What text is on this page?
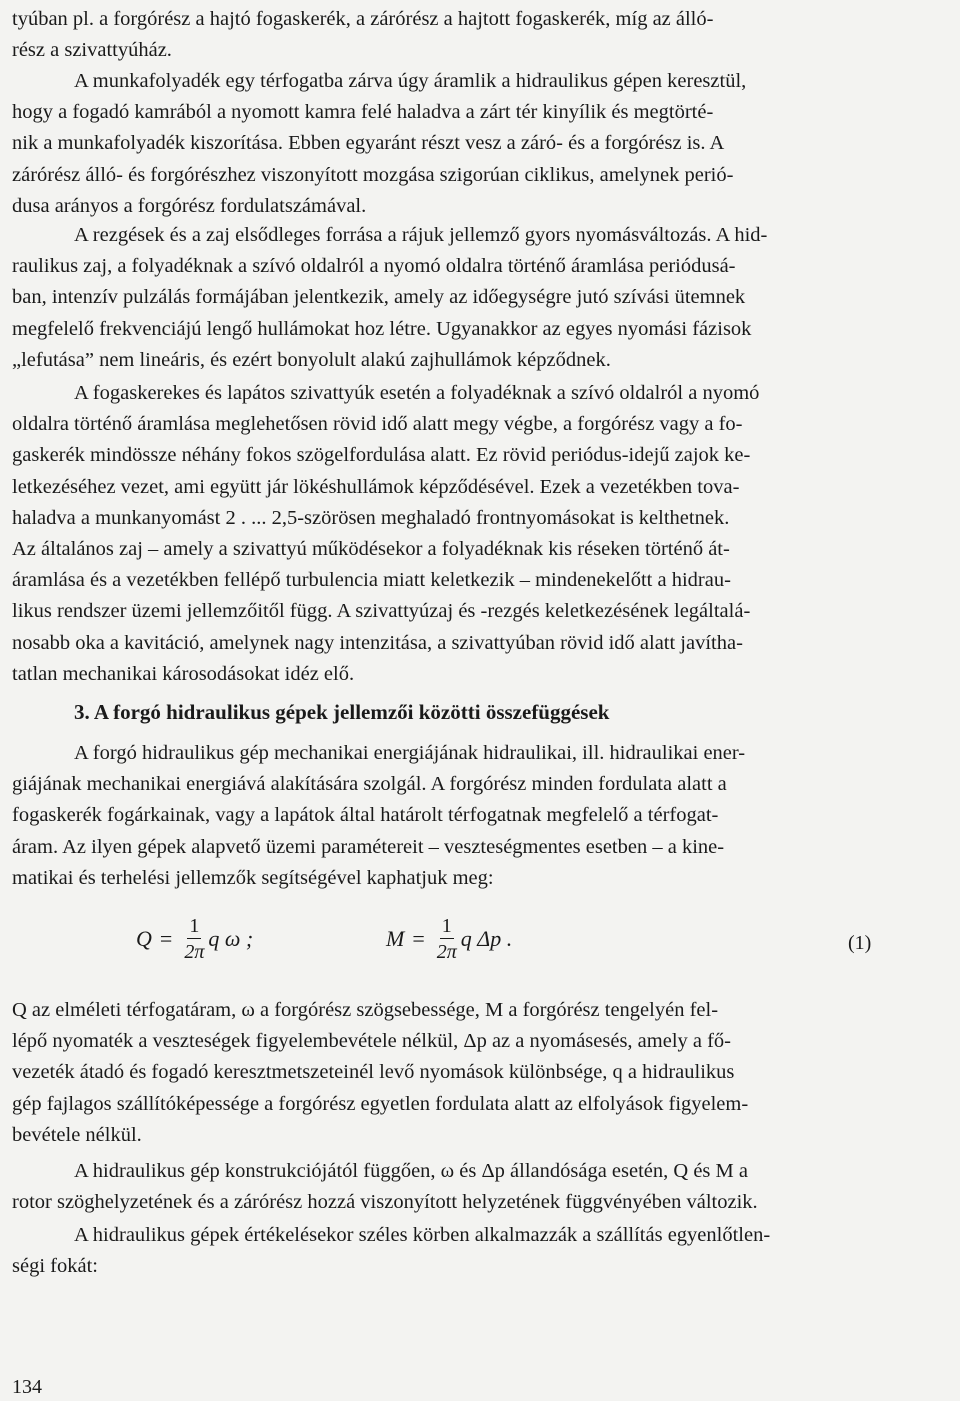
tyúban pl. a forgórész a hajtó fogaskerék, a zárórész a hajtott fogaskerék, míg az álló-
rész a szivattyúház.
A munkafolyadék egy térfogatba zárva úgy áramlik a hidraulikus gépen keresztül,
hogy a fogadó kamrából a nyomott kamra felé haladva a zárt tér kinyílik és megtörté-
nik a munkafolyadék kiszorítása. Ebben egyaránt részt vesz a záró- és a forgórész is. A
zárórész álló- és forgórészhez viszonyított mozgása szigorúan ciklikus, amelynek perió-
dusa arányos a forgórész fordulatszámával.
A rezgések és a zaj elsődleges forrása a rájuk jellemző gyors nyomásváltozás. A hid-
raulikus zaj, a folyadéknak a szívó oldalról a nyomó oldalra történő áramlása periódusá-
ban, intenzív pulzálás formájában jelentkezik, amely az időegységre jutó szívási ütemnek
megfelelő frekvenciájú lengő hullámokat hoz létre. Ugyanakkor az egyes nyomási fázisok
„lefutása” nem lineáris, és ezért bonyolult alakú zajhullámok képződnek.
A fogaskerekes és lapátos szivattyúk esetén a folyadéknak a szívó oldalról a nyomó
oldalra történő áramlása meglehetősen rövid idő alatt megy végbe, a forgórész vagy a fo-
gaskerék mindössze néhány fokos szögelfordulása alatt. Ez rövid periódus-idejű zajok ke-
letkezéséhez vezet, ami együtt jár lökéshullámok képződésével. Ezek a vezetékben tova-
haladva a munkanyomást 2 . ... 2,5-szörösen meghaladó frontnyomásokat is kelthetnek.
Az általános zaj – amely a szivattyú működésekor a folyadéknak kis réseken történő át-
áramlása és a vezetékben fellépő turbulencia miatt keletkezik – mindenekelőtt a hidrau-
likus rendszer üzemi jellemzőitől függ. A szivattyúzaj és -rezgés keletkezésének legáltalá-
nosabb oka a kavitáció, amelynek nagy intenzitása, a szivattyúban rövid idő alatt javítha-
tatlan mechanikai károsodásokat idéz elő.
3. A forgó hidraulikus gépek jellemzői közötti összefüggések
A forgó hidraulikus gép mechanikai energiájának hidraulikai, ill. hidraulikai ener-
giájának mechanikai energiává alakítására szolgál. A forgórész minden fordulata alatt a
fogaskerék fogárkainak, vagy a lapátok által határolt térfogatnak megfelelő a térfogat-
áram. Az ilyen gépek alapvető üzemi paramétereit – veszteségmentes esetben – a kine-
matikai és terhelési jellemzők segítségével kaphatjuk meg:
$Q = \frac{1}{2\pi}$ q ω ;	$M = \frac{1}{2\pi}$ q Δp .	(1)
Q az elméleti térfogatáram, ω a forgórész szögsebessége, M a forgórész tengelyén fel-
lépő nyomaték a veszteségek figyelembevétele nélkül, Δp az a nyomásesés, amely a fő-
vezeték átadó és fogadó keresztmetszeteinél levő nyomások különbsége, q a hidraulikus
gép fajlagos szállítóképessége a forgórész egyetlen fordulata alatt az elfolyások figyelem-
bevétele nélkül.
A hidraulikus gép konstrukciójától függően, ω és Δp állandósága esetén, Q és M a
rotor szöghelyzetének és a zárórész hozzá viszonyított helyzetének függvényében változik.
A hidraulikus gépek értékelésekor széles körben alkalmazzák a szállítás egyenlőtlen-
ségi fokát:
134
